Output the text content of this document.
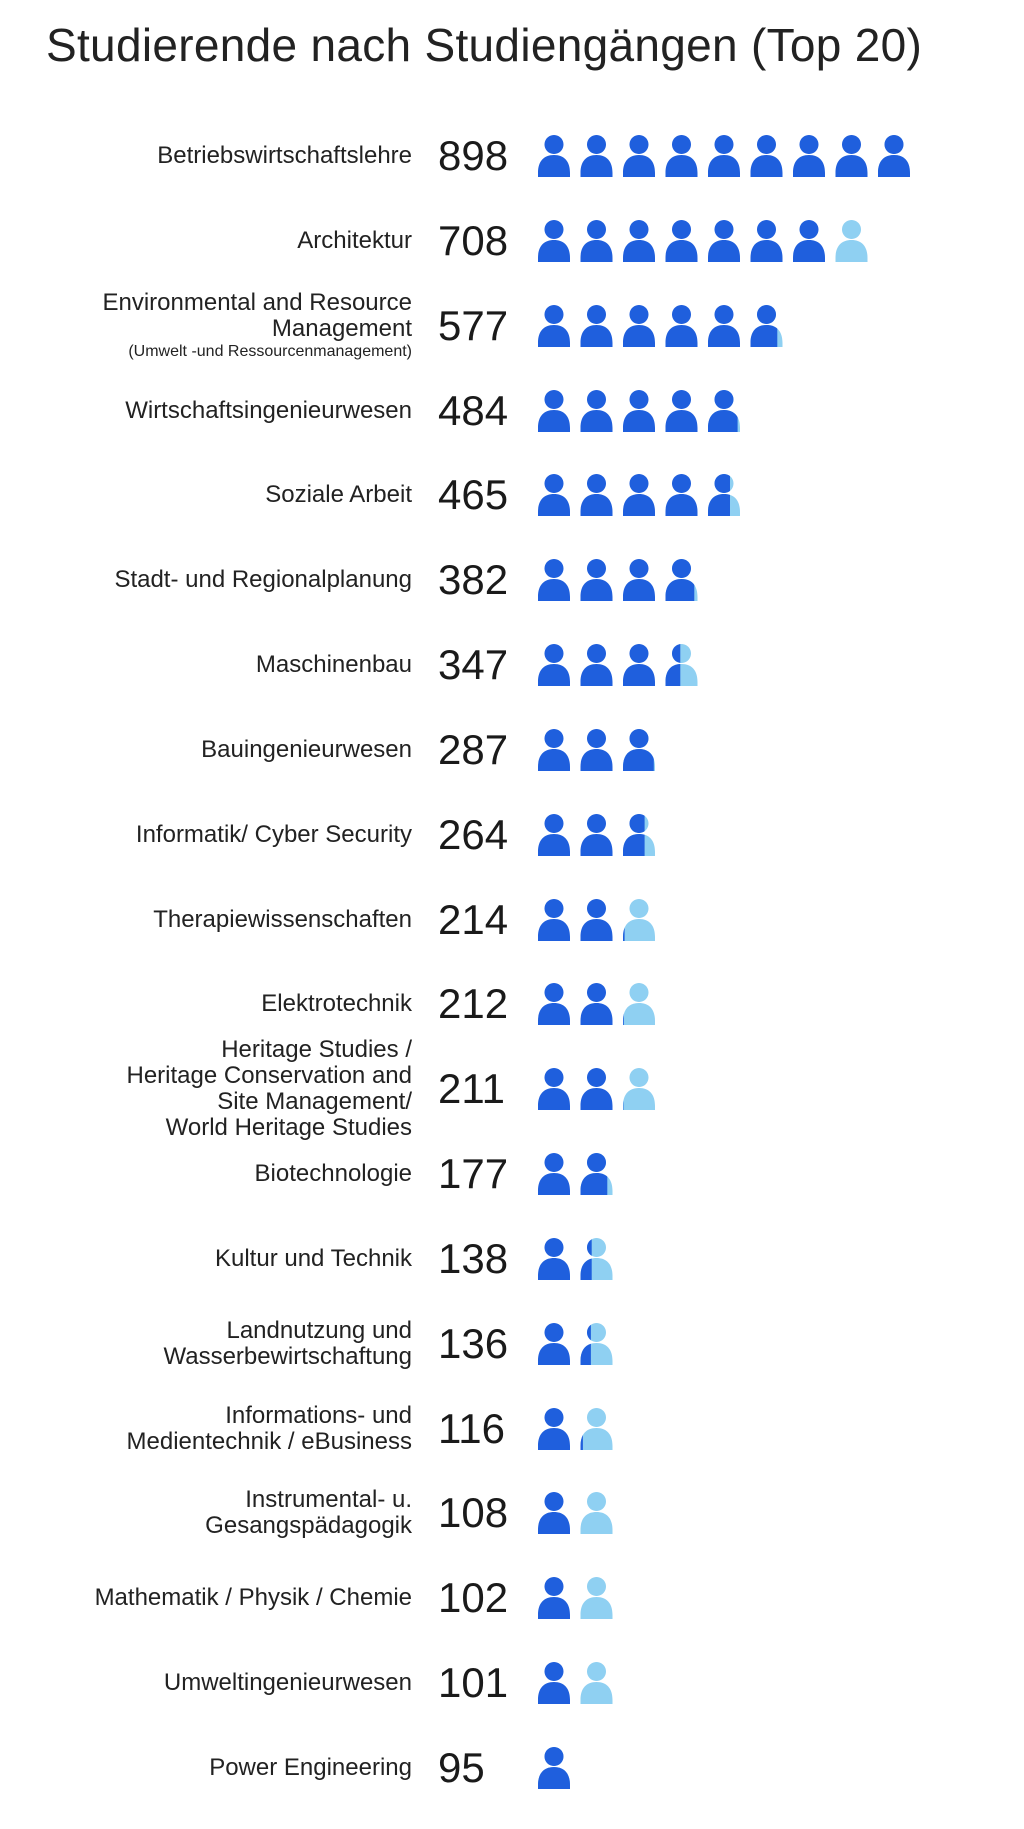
Studierende nach Studiengängen (Top 20)
Betriebswirtschaftslehre 898
Architektur 708
Environmental and Resource
Management
(Umwelt -und Ressourcenmanagement)
577
Wirtschaftsingenieurwesen 484
Soziale Arbeit 465
Stadt- und Regionalplanung 382
Maschinenbau 347
Bauingenieurwesen 287
Informatik/ Cyber Security 264
Therapiewissenschaften 214
Elektrotechnik 212
Heritage Studies /
Heritage Conservation and
Site Management/
World Heritage Studies
211
Biotechnologie 177
Kultur und Technik 138
Landnutzung und
Wasserbewirtschaftung 136
Informations- und
Medientechnik / eBusiness 116
Instrumental- u.
Gesangspädagogik 108
Mathematik / Physik / Chemie 102
Umweltingenieurwesen 101
Power Engineering 95
